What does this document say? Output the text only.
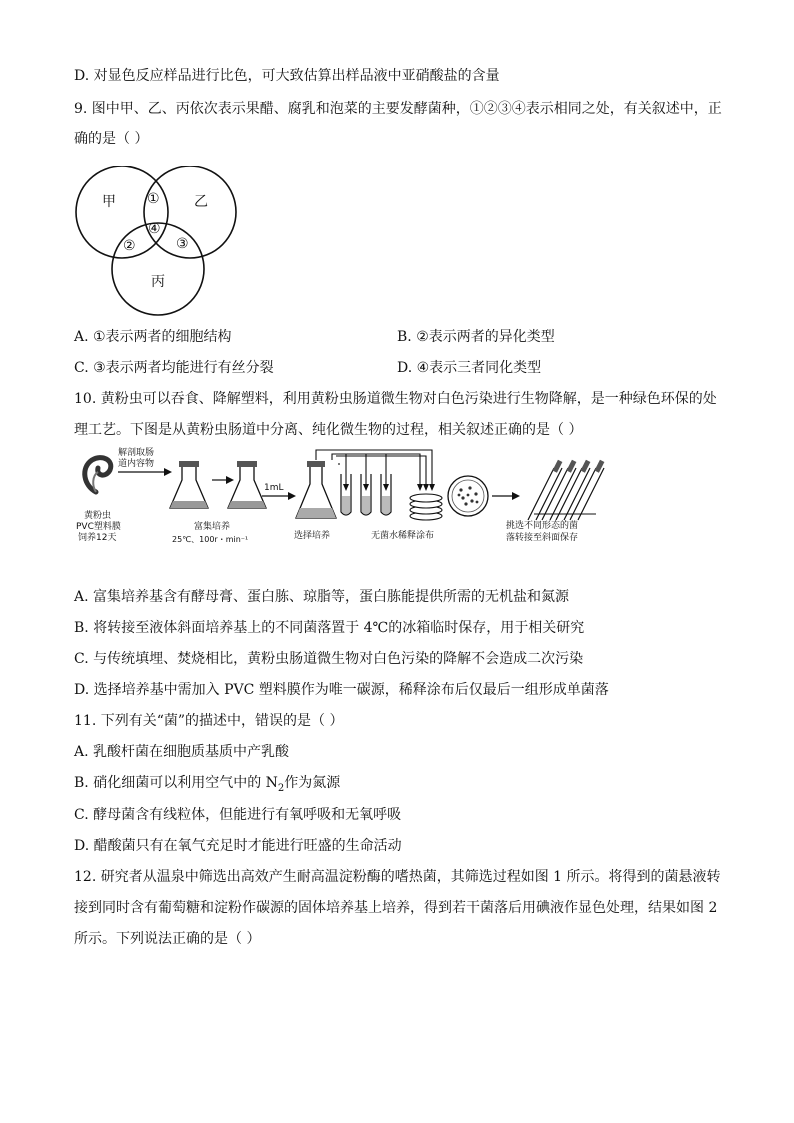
D. 对显色反应样品进行比色，可大致估算出样品液中亚硝酸盐的含量
9. 图中甲、乙、丙依次表示果醋、腐乳和泡菜的主要发酵菌种，①②③④表示相同之处，有关叙述中，正
确的是（ ）
甲	乙
丙
①
②	③
④
A. ①表示两者的细胞结构	B. ②表示两者的异化类型
C. ③表示两者均能进行有丝分裂	D. ④表示三者同化类型
10. 黄粉虫可以吞食、降解塑料，利用黄粉虫肠道微生物对白色污染进行生物降解，是一种绿色环保的处
理工艺。下图是从黄粉虫肠道中分离、纯化微生物的过程，相关叙述正确的是（ ）
黄粉虫
PVC塑料膜
饲养12天
解剖取肠
道内容物
富集培养
25℃、100r・min⁻¹
1mL
选择培养	无菌水稀释涂布
挑选不同形态的菌
落转接至斜面保存
A. 富集培养基含有酵母膏、蛋白胨、琼脂等，蛋白胨能提供所需的无机盐和氮源
B. 将转接至液体斜面培养基上的不同菌落置于 4℃的冰箱临时保存，用于相关研究
C. 与传统填埋、焚烧相比，黄粉虫肠道微生物对白色污染的降解不会造成二次污染
D. 选择培养基中需加入 PVC 塑料膜作为唯一碳源，稀释涂布后仅最后一组形成单菌落
11. 下列有关“菌”的描述中，错误的是（ ）
A. 乳酸杆菌在细胞质基质中产乳酸
B. 硝化细菌可以利用空气中的 $N_2$作为氮源
C. 酵母菌含有线粒体，但能进行有氧呼吸和无氧呼吸
D. 醋酸菌只有在氧气充足时才能进行旺盛的生命活动
12. 研究者从温泉中筛选出高效产生耐高温淀粉酶的嗜热菌，其筛选过程如图 1 所示。将得到的菌悬液转
接到同时含有葡萄糖和淀粉作碳源的固体培养基上培养，得到若干菌落后用碘液作显色处理，结果如图 2
所示。下列说法正确的是（ ）
